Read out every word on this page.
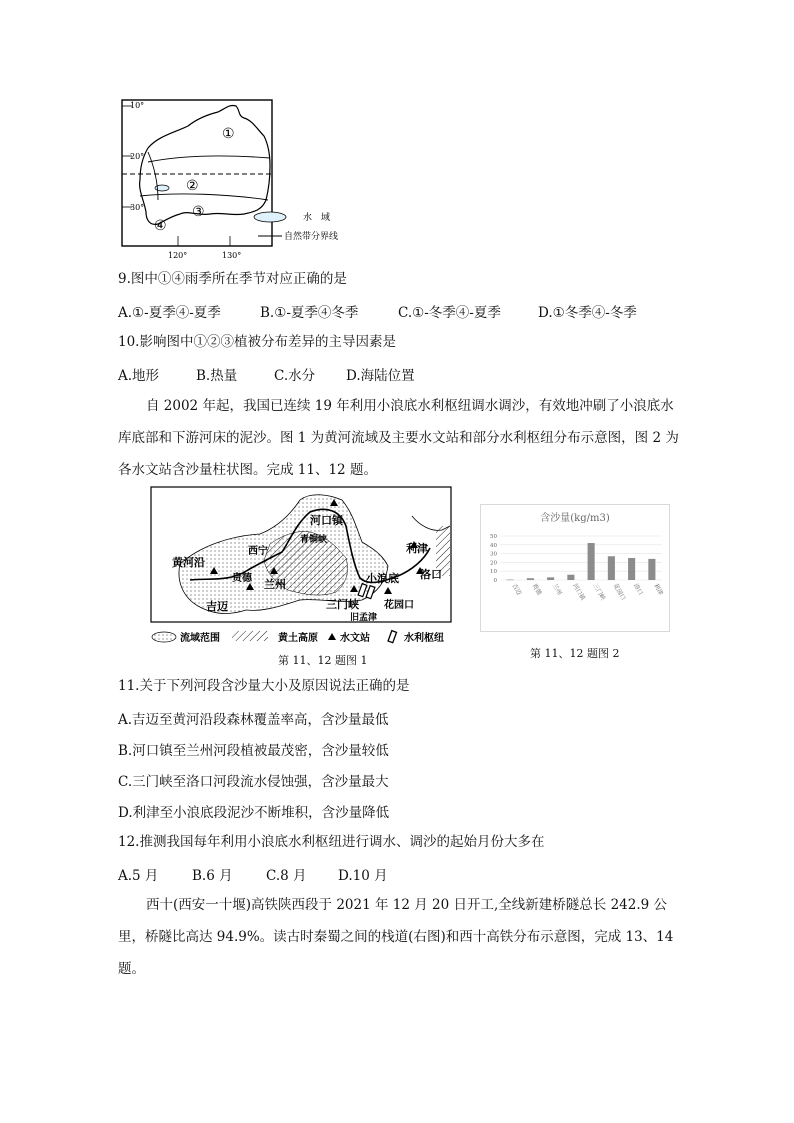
10°
20°
30°
120°	130°
①
②
③
④	水　域
自然带分界线
9.图中①④雨季所在季节对应正确的是
A.①-夏季④-夏季	B.①-夏季④冬季	C.①-冬季④-夏季	D.①冬季④-冬季
10.影响图中①②③植被分布差异的主导因素是
A.地形	B.热量	C.水分 D.海陆位置
自 2002 年起，我国已连续 19 年利用小浪底水利枢纽调水调沙，有效地冲刷了小浪底水库底部和下游河床的泥沙。图 1 为黄河流域及主要水文站和部分水利枢纽分布示意图，图 2 为各水文站含沙量柱状图。完成 11、12 题。
河口镇
青铜峡
西宁
黄河沿
贵德 兰州
吉迈
利津
洛口
小浪底
三门峡	花园口
旧孟津
流域范围	黄土高原 水文站	水利枢纽
第 11、12 题图 1
含沙量(kg/m3)
0
10
20
30
40
50
吉迈 贵德 兰州 河口镇 三门峡 花园口 洛口 利津
第 11、12 题图 2
11.关于下列河段含沙量大小及原因说法正确的是
A.吉迈至黄河沿段森林覆盖率高，含沙量最低
B.河口镇至兰州河段植被最茂密，含沙量较低
C.三门峡至洛口河段流水侵蚀强，含沙量最大
D.利津至小浪底段泥沙不断堆积，含沙量降低
12.推测我国每年利用小浪底水利枢纽进行调水、调沙的起始月份大多在
A.5 月 B.6 月 C.8 月 D.10 月
西十(西安一十堰)高铁陕西段于 2021 年 12 月 20 日开工,全线新建桥隧总长 242.9 公里，桥隧比高达 94.9%。读古时秦蜀之间的栈道(右图)和西十高铁分布示意图，完成 13、14 题。
